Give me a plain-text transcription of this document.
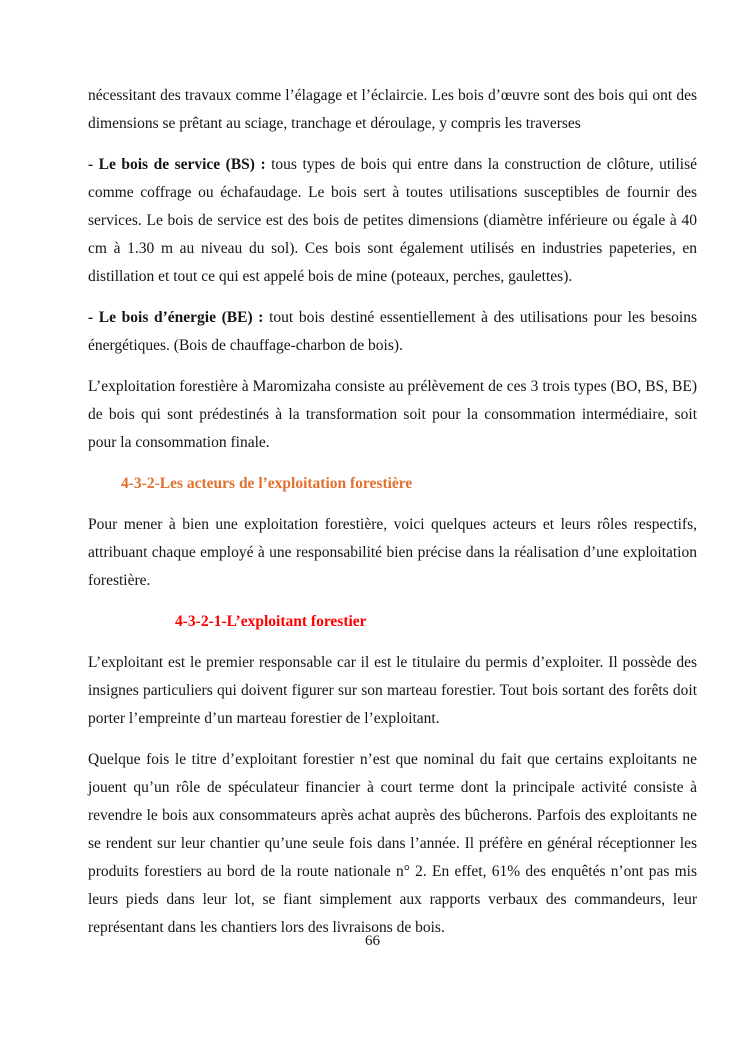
nécessitant des travaux comme l’élagage et l’éclaircie. Les bois d’œuvre sont des bois qui ont des dimensions se prêtant au sciage, tranchage et déroulage, y compris les traverses

- Le bois de service (BS) : tous types de bois qui entre dans la construction de clôture, utilisé comme coffrage ou échafaudage. Le bois sert à toutes utilisations susceptibles de fournir des services. Le bois de service est des bois de petites dimensions (diamètre inférieure ou égale à 40 cm à 1.30 m au niveau du sol). Ces bois sont également utilisés en industries papeteries, en distillation et tout ce qui est appelé bois de mine (poteaux, perches, gaulettes).

- Le bois d’énergie (BE) : tout bois destiné essentiellement à des utilisations pour les besoins énergétiques. (Bois de chauffage-charbon de bois).

L’exploitation forestière à Maromizaha consiste au prélèvement de ces 3 trois types (BO, BS, BE) de bois qui sont prédestinés à la transformation soit pour la consommation intermédiaire, soit pour la consommation finale.

4-3-2-Les acteurs de l’exploitation forestière

Pour mener à bien une exploitation forestière, voici quelques acteurs et leurs rôles respectifs, attribuant chaque employé à une responsabilité bien précise dans la réalisation d’une exploitation forestière.

4-3-2-1-L’exploitant forestier

L’exploitant est le premier responsable car il est le titulaire du permis d’exploiter. Il possède des insignes particuliers qui doivent figurer sur son marteau forestier. Tout bois sortant des forêts doit porter l’empreinte d’un marteau forestier de l’exploitant.

Quelque fois le titre d’exploitant forestier n’est que nominal du fait que certains exploitants ne jouent qu’un rôle de spéculateur financier à court terme dont la principale activité consiste à revendre le bois aux consommateurs après achat auprès des bûcherons. Parfois des exploitants ne se rendent sur leur chantier qu’une seule fois dans l’année. Il préfère en général réceptionner les produits forestiers au bord de la route nationale n° 2. En effet, 61% des enquêtés n’ont pas mis leurs pieds dans leur lot, se fiant simplement aux rapports verbaux des commandeurs, leur représentant dans les chantiers lors des livraisons de bois.

66
